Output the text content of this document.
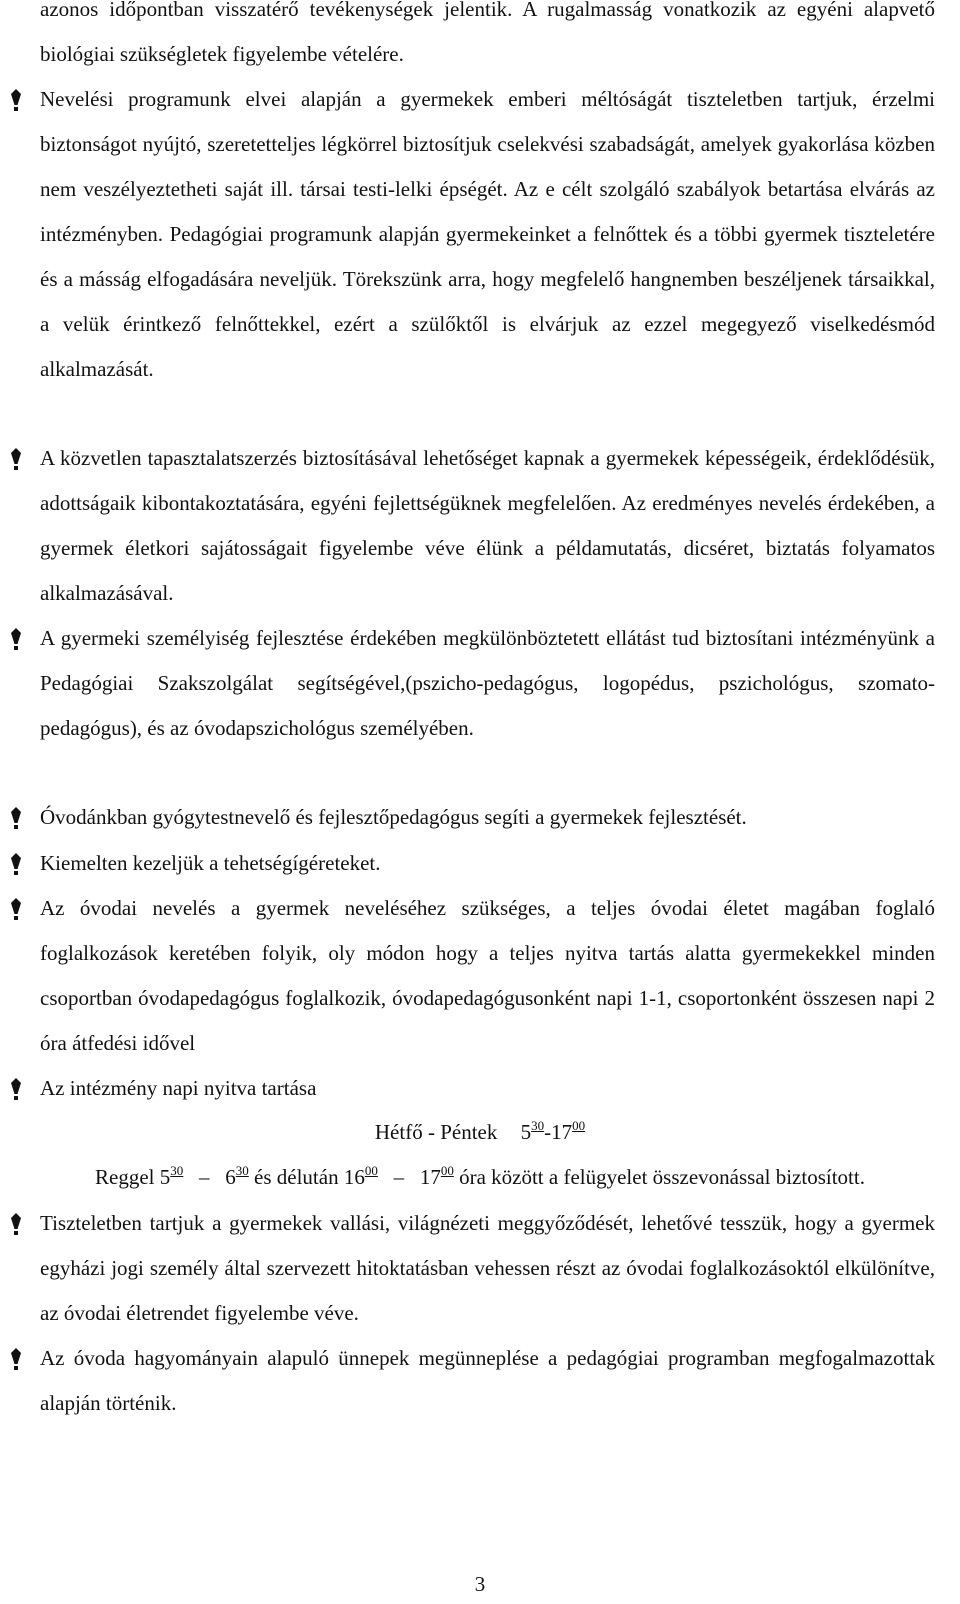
azonos időpontban visszatérő tevékenységek jelentik. A rugalmasság vonatkozik az egyéni alapvető biológiai szükségletek figyelembe vételére.

Nevelési programunk elvei alapján a gyermekek emberi méltóságát tiszteletben tartjuk, érzelmi biztonságot nyújtó, szeretetteljes légkörrel biztosítjuk cselekvési szabadságát, amelyek gyakorlása közben nem veszélyeztetheti saját ill. társai testi-lelki épségét. Az e célt szolgáló szabályok betartása elvárás az intézményben. Pedagógiai programunk alapján gyermekeinket a felnőttek és a többi gyermek tiszteletére és a másság elfogadására neveljük. Törekszünk arra, hogy megfelelő hangnemben beszéljenek társaikkal, a velük érintkező felnőttekkel, ezért a szülőktől is elvárjuk az ezzel megegyező viselkedésmód alkalmazását.

A közvetlen tapasztalatszerzés biztosításával lehetőséget kapnak a gyermekek képességeik, érdeklődésük, adottságaik kibontakoztatására, egyéni fejlettségüknek megfelelően. Az eredményes nevelés érdekében, a gyermek életkori sajátosságait figyelembe véve élünk a példamutatás, dicséret, biztatás folyamatos alkalmazásával.

A gyermeki személyiség fejlesztése érdekében megkülönböztetett ellátást tud biztosítani intézményünk a Pedagógiai Szakszolgálat segítségével,(pszicho-pedagógus, logopédus, pszichológus, szomato-pedagógus), és az óvodapszichológus személyében.

Óvodánkban gyógytestnevelő és fejlesztőpedagógus segíti a gyermekek fejlesztését.

Kiemelten kezeljük a tehetségígéreteket.

Az óvodai nevelés a gyermek neveléséhez szükséges, a teljes óvodai életet magában foglaló foglalkozások keretében folyik, oly módon hogy a teljes nyitva tartás alatta gyermekekkel minden csoportban óvodapedagógus foglalkozik, óvodapedagógusonként napi 1-1, csoportonként összesen napi 2 óra átfedési idővel

Az intézmény napi nyitva tartása

Hétfő - Péntek $5^{30}-17^{00}$

Reggel $5^{30} - 6^{30}$ és délután $16^{00} - 17^{00}$ óra között a felügyelet összevonással biztosított.

Tiszteletben tartjuk a gyermekek vallási, világnézeti meggyőződését, lehetővé tesszük, hogy a gyermek egyházi jogi személy által szervezett hitoktatásban vehessen részt az óvodai foglalkozásoktól elkülönítve, az óvodai életrendet figyelembe véve.

Az óvoda hagyományain alapuló ünnepek megünneplése a pedagógiai programban megfogalmazottak alapján történik.

3
